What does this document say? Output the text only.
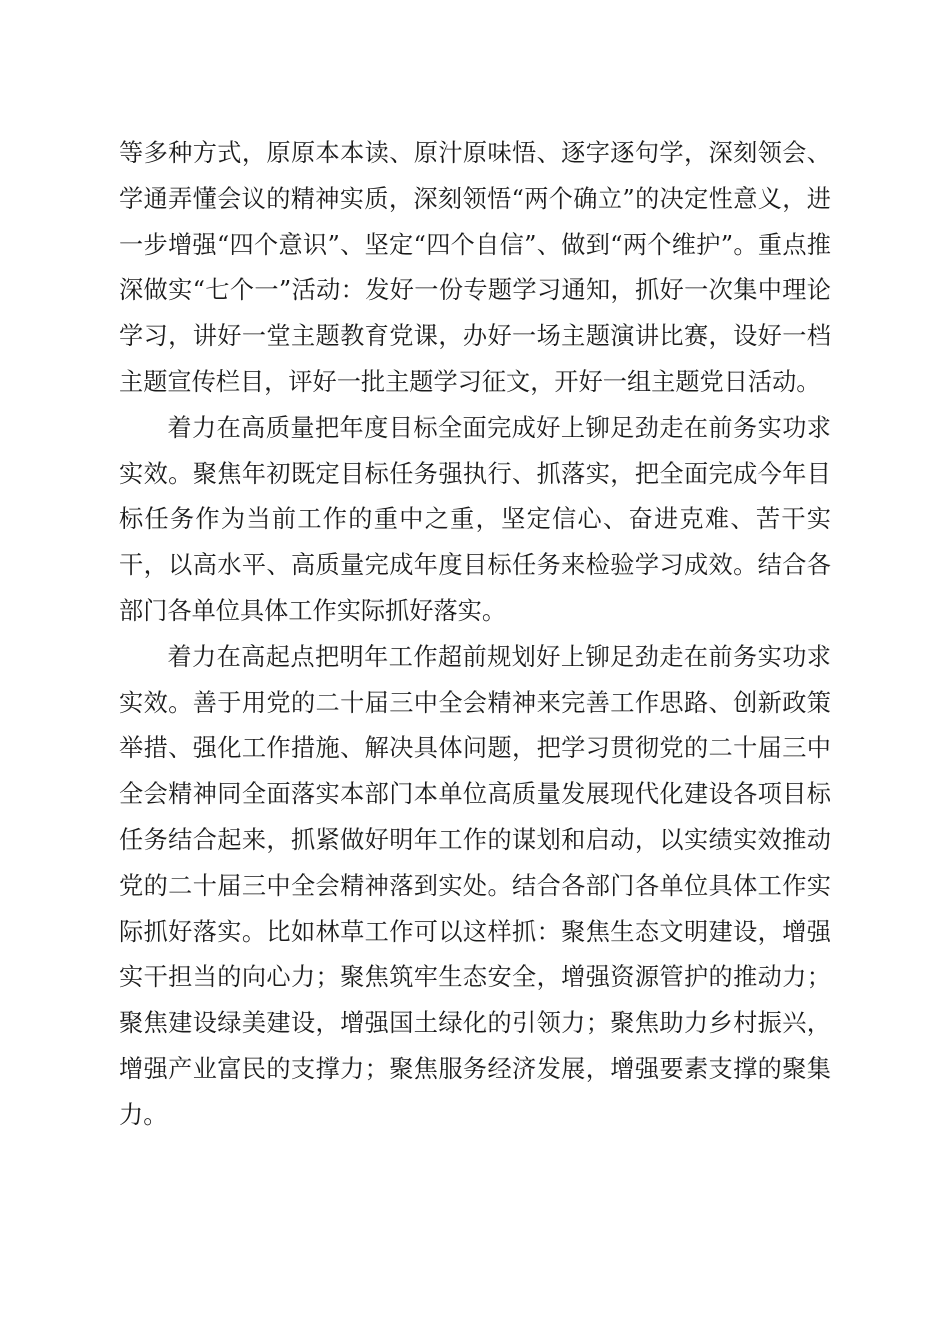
等多种方式，原原本本读、原汁原味悟、逐字逐句学，深刻领会、学通弄懂会议的精神实质，深刻领悟“两个确立”的决定性意义，进一步增强“四个意识”、坚定“四个自信”、做到“两个维护”。重点推深做实“七个一”活动：发好一份专题学习通知，抓好一次集中理论学习，讲好一堂主题教育党课，办好一场主题演讲比赛，设好一档主题宣传栏目，评好一批主题学习征文，开好一组主题党日活动。

着力在高质量把年度目标全面完成好上铆足劲走在前务实功求实效。聚焦年初既定目标任务强执行、抓落实，把全面完成今年目标任务作为当前工作的重中之重，坚定信心、奋进克难、苦干实干，以高水平、高质量完成年度目标任务来检验学习成效。结合各部门各单位具体工作实际抓好落实。

着力在高起点把明年工作超前规划好上铆足劲走在前务实功求实效。善于用党的二十届三中全会精神来完善工作思路、创新政策举措、强化工作措施、解决具体问题，把学习贯彻党的二十届三中全会精神同全面落实本部门本单位高质量发展现代化建设各项目标任务结合起来，抓紧做好明年工作的谋划和启动，以实绩实效推动党的二十届三中全会精神落到实处。结合各部门各单位具体工作实际抓好落实。比如林草工作可以这样抓：聚焦生态文明建设，增强实干担当的向心力；聚焦筑牢生态安全，增强资源管护的推动力；聚焦建设绿美建设，增强国土绿化的引领力；聚焦助力乡村振兴，增强产业富民的支撑力；聚焦服务经济发展，增强要素支撑的聚集力。
